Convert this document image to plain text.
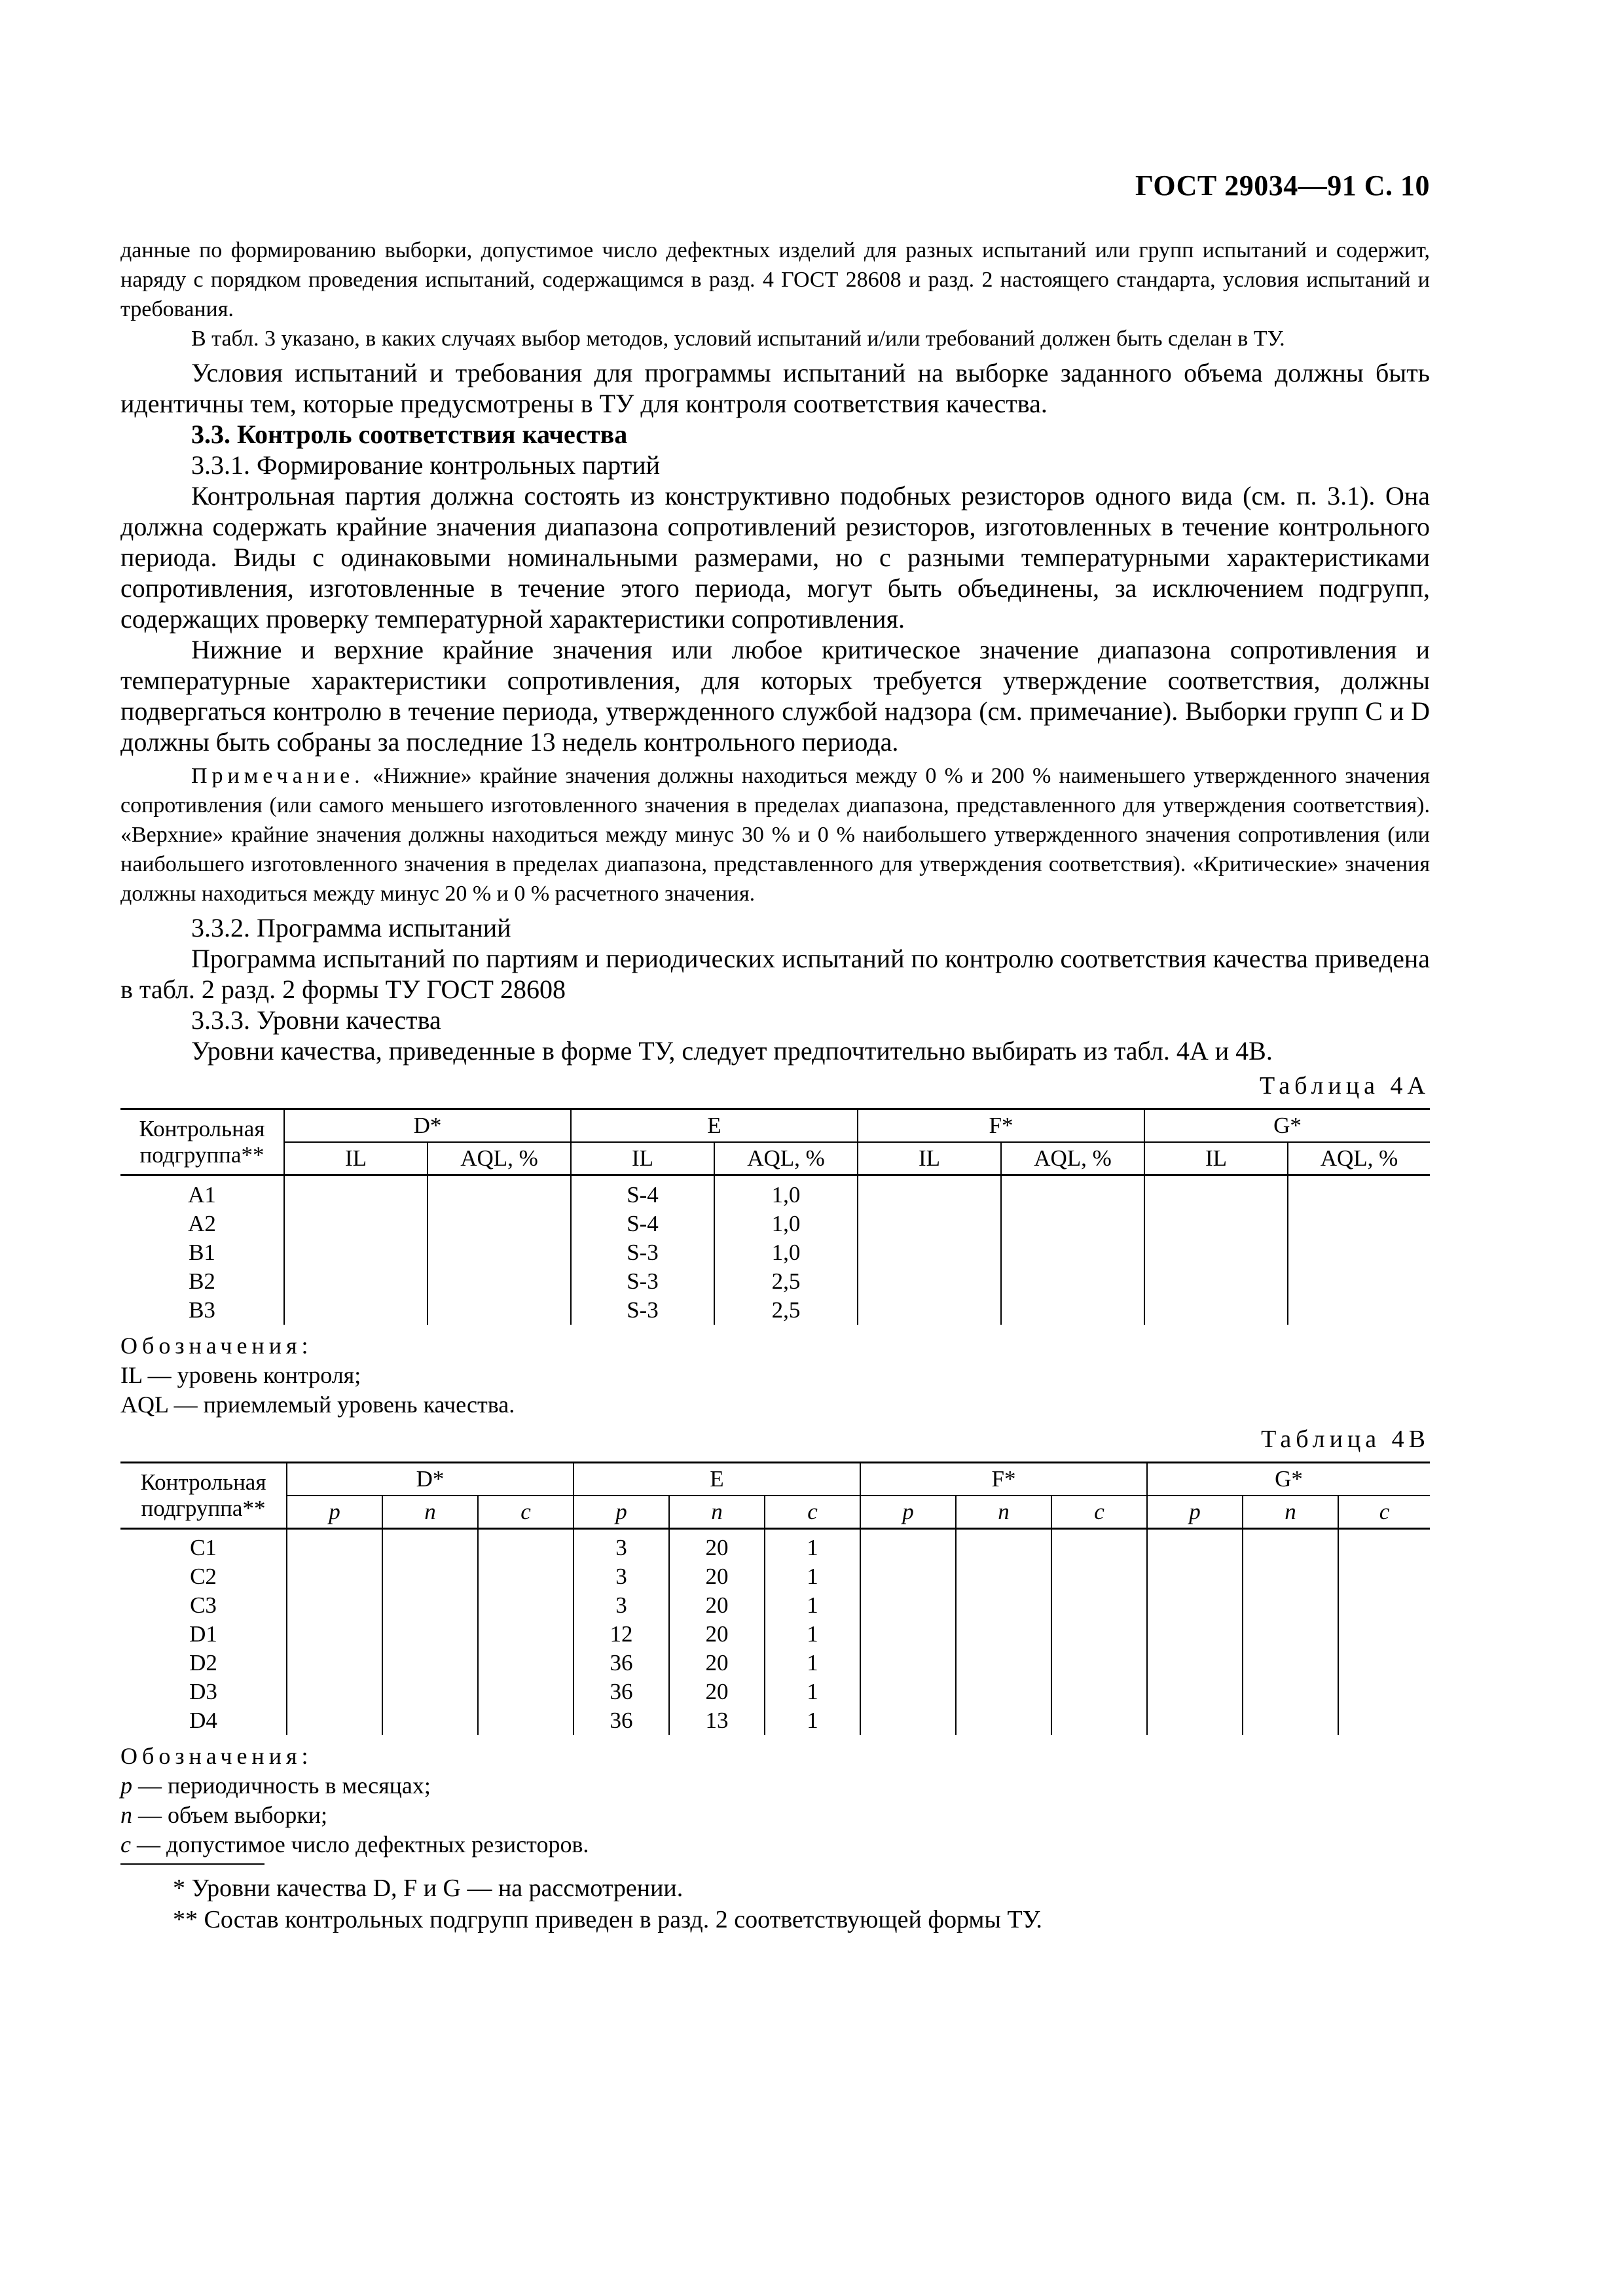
ГОСТ 29034—91 С. 10

данные по формированию выборки, допустимое число дефектных изделий для разных испытаний или групп испытаний и содержит, наряду с порядком проведения испытаний, содержащимся в разд. 4 ГОСТ 28608 и разд. 2 настоящего стандарта, условия испытаний и требования.

В табл. 3 указано, в каких случаях выбор методов, условий испытаний и/или требований должен быть сделан в ТУ.

Условия испытаний и требования для программы испытаний на выборке заданного объема должны быть идентичны тем, которые предусмотрены в ТУ для контроля соответствия качества.

3.3. Контроль соответствия качества

3.3.1. Формирование контрольных партий

Контрольная партия должна состоять из конструктивно подобных резисторов одного вида (см. п. 3.1). Она должна содержать крайние значения диапазона сопротивлений резисторов, изготовленных в течение контрольного периода. Виды с одинаковыми номинальными размерами, но с разными температурными характеристиками сопротивления, изготовленные в течение этого периода, могут быть объединены, за исключением подгрупп, содержащих проверку температурной характеристики сопротивления.

Нижние и верхние крайние значения или любое критическое значение диапазона сопротивления и температурные характеристики сопротивления, для которых требуется утверждение соответствия, должны подвергаться контролю в течение периода, утвержденного службой надзора (см. примечание). Выборки групп C и D должны быть собраны за последние 13 недель контрольного периода.

Примечание. «Нижние» крайние значения должны находиться между 0 % и 200 % наименьшего утвержденного значения сопротивления (или самого меньшего изготовленного значения в пределах диапазона, представленного для утверждения соответствия). «Верхние» крайние значения должны находиться между минус 30 % и 0 % наибольшего утвержденного значения сопротивления (или наибольшего изготовленного значения в пределах диапазона, представленного для утверждения соответствия). «Критические» значения должны находиться между минус 20 % и 0 % расчетного значения.

3.3.2. Программа испытаний

Программа испытаний по партиям и периодических испытаний по контролю соответствия качества приведена в табл. 2 разд. 2 формы ТУ ГОСТ 28608

3.3.3. Уровни качества

Уровни качества, приведенные в форме ТУ, следует предпочтительно выбирать из табл. 4А и 4В.

Таблица 4А
Контрольная подгруппа**	D*		E		F*		G*	
	IL	AQL, %	IL	AQL, %	IL	AQL, %	IL	AQL, %

A1			S-4	1,0				
A2			S-4	1,0				
B1			S-3	1,0				
B2			S-3	2,5				
B3			S-3	2,5				
Обозначения:
IL — уровень контроля;
AQL — приемлемый уровень качества.
Таблица 4В
Контрольная подгруппа**	D*			E			F*			G*		
	p	n	c	p	n	c	p	n	c	p	n	c

C1				3	20	1						
C2				3	20	1						
C3				3	20	1						
D1				12	20	1						
D2				36	20	1						
D3				36	20	1						
D4				36	13	1						
Обозначения:
p — периодичность в месяцах;
n — объем выборки;
c — допустимое число дефектных резисторов.
* Уровни качества D, F и G — на рассмотрении.
** Состав контрольных подгрупп приведен в разд. 2 соответствующей формы ТУ.
